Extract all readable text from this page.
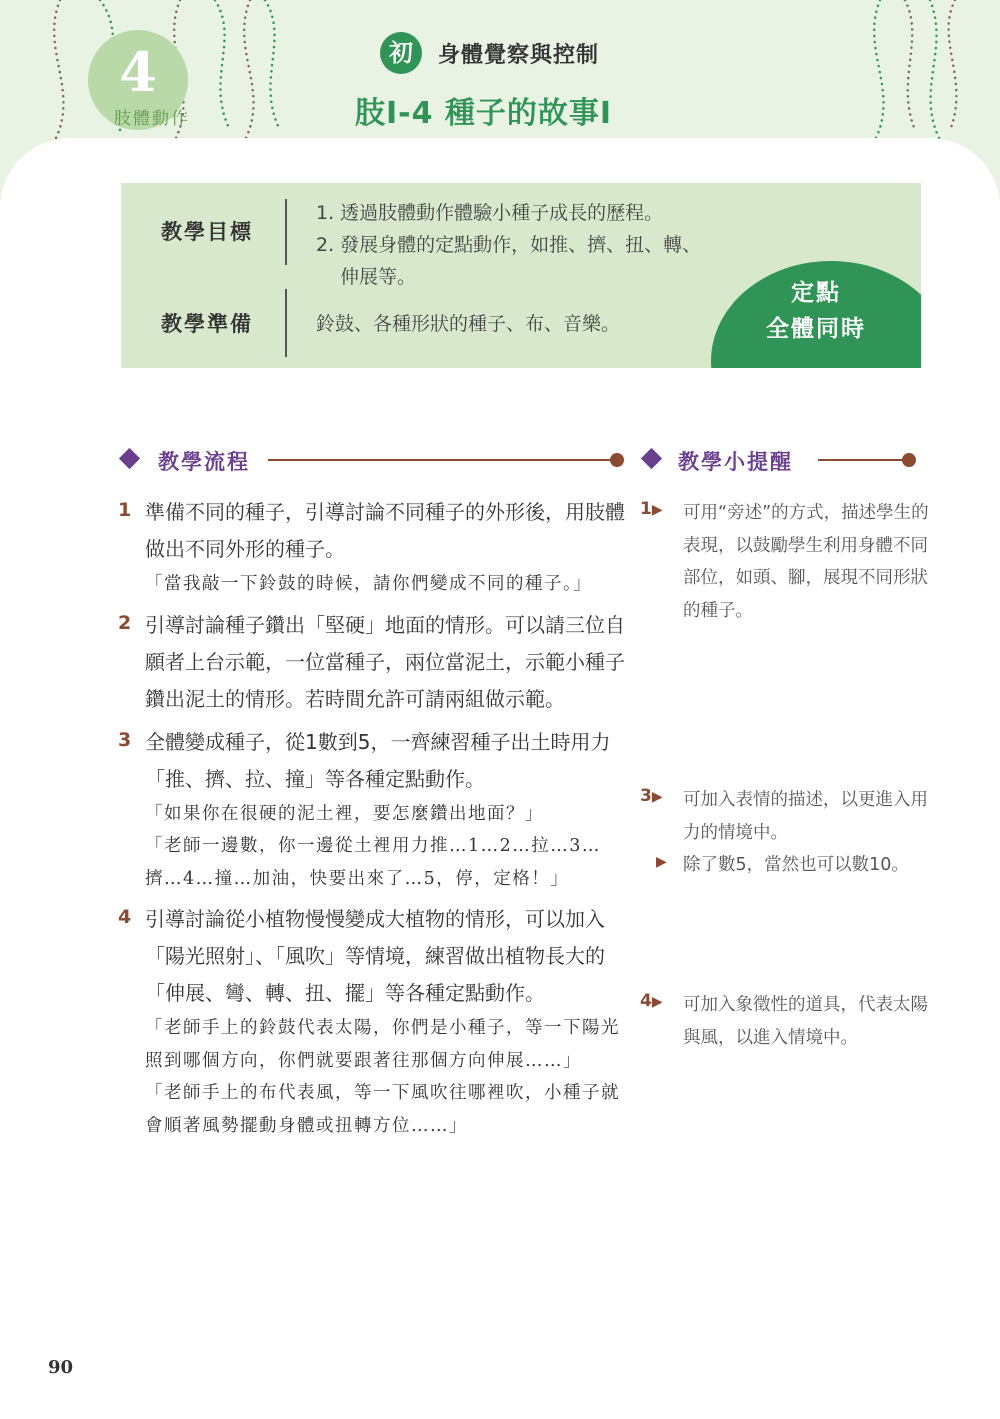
4
肢體動作
初	身體覺察與控制
肢I-4 種子的故事I
教學目標
1. 透過肢體動作體驗小種子成長的歷程。
2. 發展身體的定點動作，如推、擠、扭、轉、
伸展等。
教學準備	鈴鼓、各種形狀的種子、布、音樂。
定點
全體同時
教學流程	教學小提醒
1 準備不同的種子，引導討論不同種子的外形後，用肢體做出不同外形的種子。
「當我敲一下鈴鼓的時候，請你們變成不同的種子。」
2 引導討論種子鑽出「堅硬」地面的情形。可以請三位自願者上台示範，一位當種子，兩位當泥土，示範小種子鑽出泥土的情形。若時間允許可請兩組做示範。
3 全體變成種子，從1數到5，一齊練習種子出土時用力「推、擠、拉、撞」等各種定點動作。
「如果你在很硬的泥土裡，要怎麼鑽出地面？」
「老師一邊數，你一邊從土裡用力推…1…2…拉…3…擠…4…撞…加油，快要出來了…5，停，定格！」
4 引導討論從小植物慢慢變成大植物的情形，可以加入「陽光照射」、「風吹」等情境，練習做出植物長大的「伸展、彎、轉、扭、擺」等各種定點動作。
「老師手上的鈴鼓代表太陽，你們是小種子，等一下陽光照到哪個方向，你們就要跟著往那個方向伸展……」
「老師手上的布代表風，等一下風吹往哪裡吹，小種子就會順著風勢擺動身體或扭轉方位……」
1▶ 可用“旁述”的方式，描述學生的表現，以鼓勵學生利用身體不同部位，如頭、腳，展現不同形狀的種子。
3▶ 可加入表情的描述，以更進入用力的情境中。
▶ 除了數5，當然也可以數10。
4▶ 可加入象徵性的道具，代表太陽與風，以進入情境中。
90
